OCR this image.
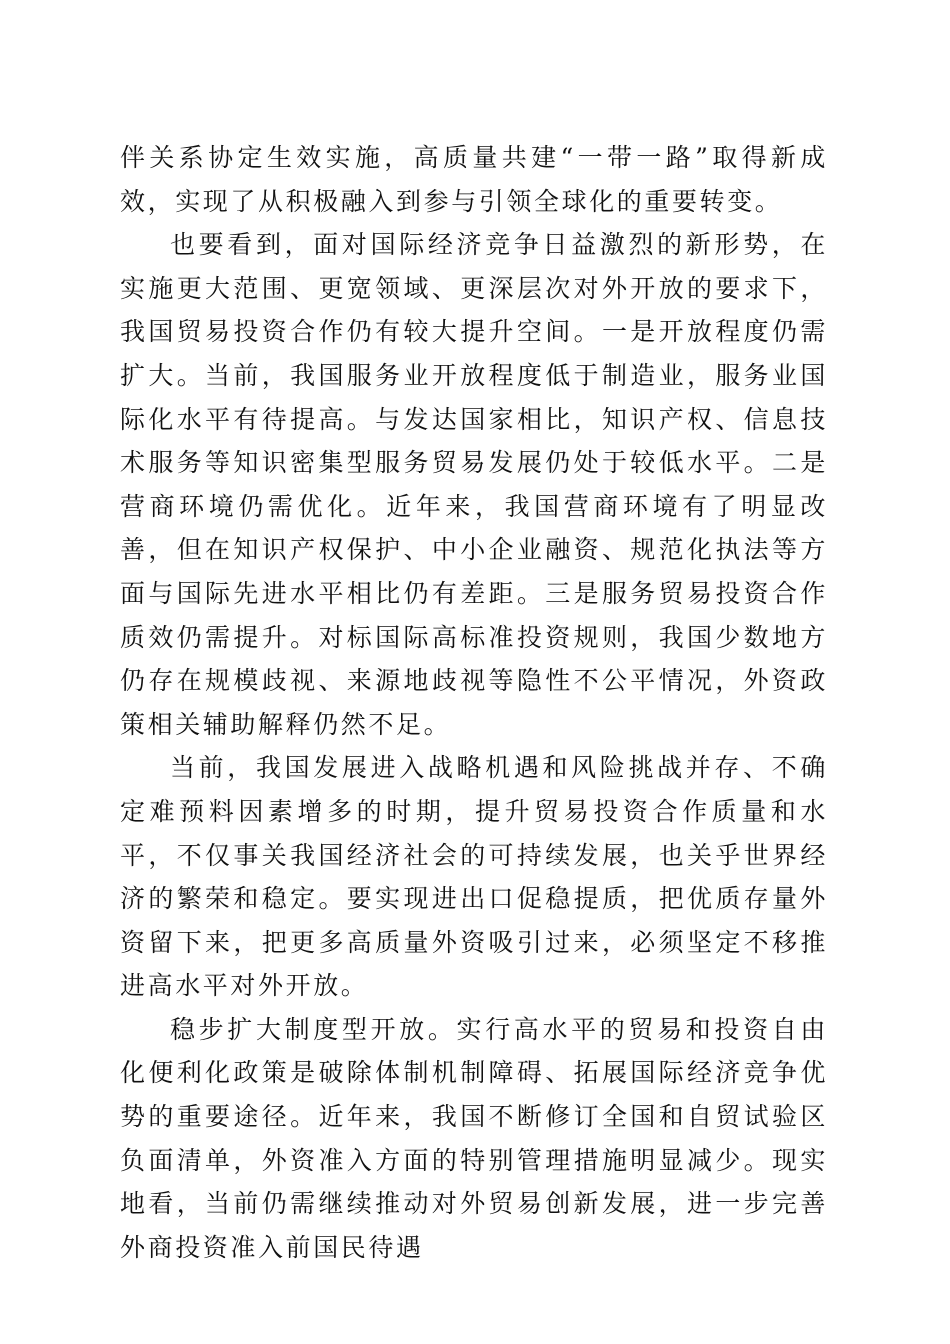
伴关系协定生效实施，高质量共建“一带一路”取得新成效，实现了从积极融入到参与引领全球化的重要转变。

也要看到，面对国际经济竞争日益激烈的新形势，在实施更大范围、更宽领域、更深层次对外开放的要求下，我国贸易投资合作仍有较大提升空间。一是开放程度仍需扩大。当前，我国服务业开放程度低于制造业，服务业国际化水平有待提高。与发达国家相比，知识产权、信息技术服务等知识密集型服务贸易发展仍处于较低水平。二是营商环境仍需优化。近年来，我国营商环境有了明显改善，但在知识产权保护、中小企业融资、规范化执法等方面与国际先进水平相比仍有差距。三是服务贸易投资合作质效仍需提升。对标国际高标准投资规则，我国少数地方仍存在规模歧视、来源地歧视等隐性不公平情况，外资政策相关辅助解释仍然不足。

当前，我国发展进入战略机遇和风险挑战并存、不确定难预料因素增多的时期，提升贸易投资合作质量和水平，不仅事关我国经济社会的可持续发展，也关乎世界经济的繁荣和稳定。要实现进出口促稳提质，把优质存量外资留下来，把更多高质量外资吸引过来，必须坚定不移推进高水平对外开放。

稳步扩大制度型开放。实行高水平的贸易和投资自由化便利化政策是破除体制机制障碍、拓展国际经济竞争优势的重要途径。近年来，我国不断修订全国和自贸试验区负面清单，外资准入方面的特别管理措施明显减少。现实地看，当前仍需继续推动对外贸易创新发展，进一步完善外商投资准入前国民待遇
